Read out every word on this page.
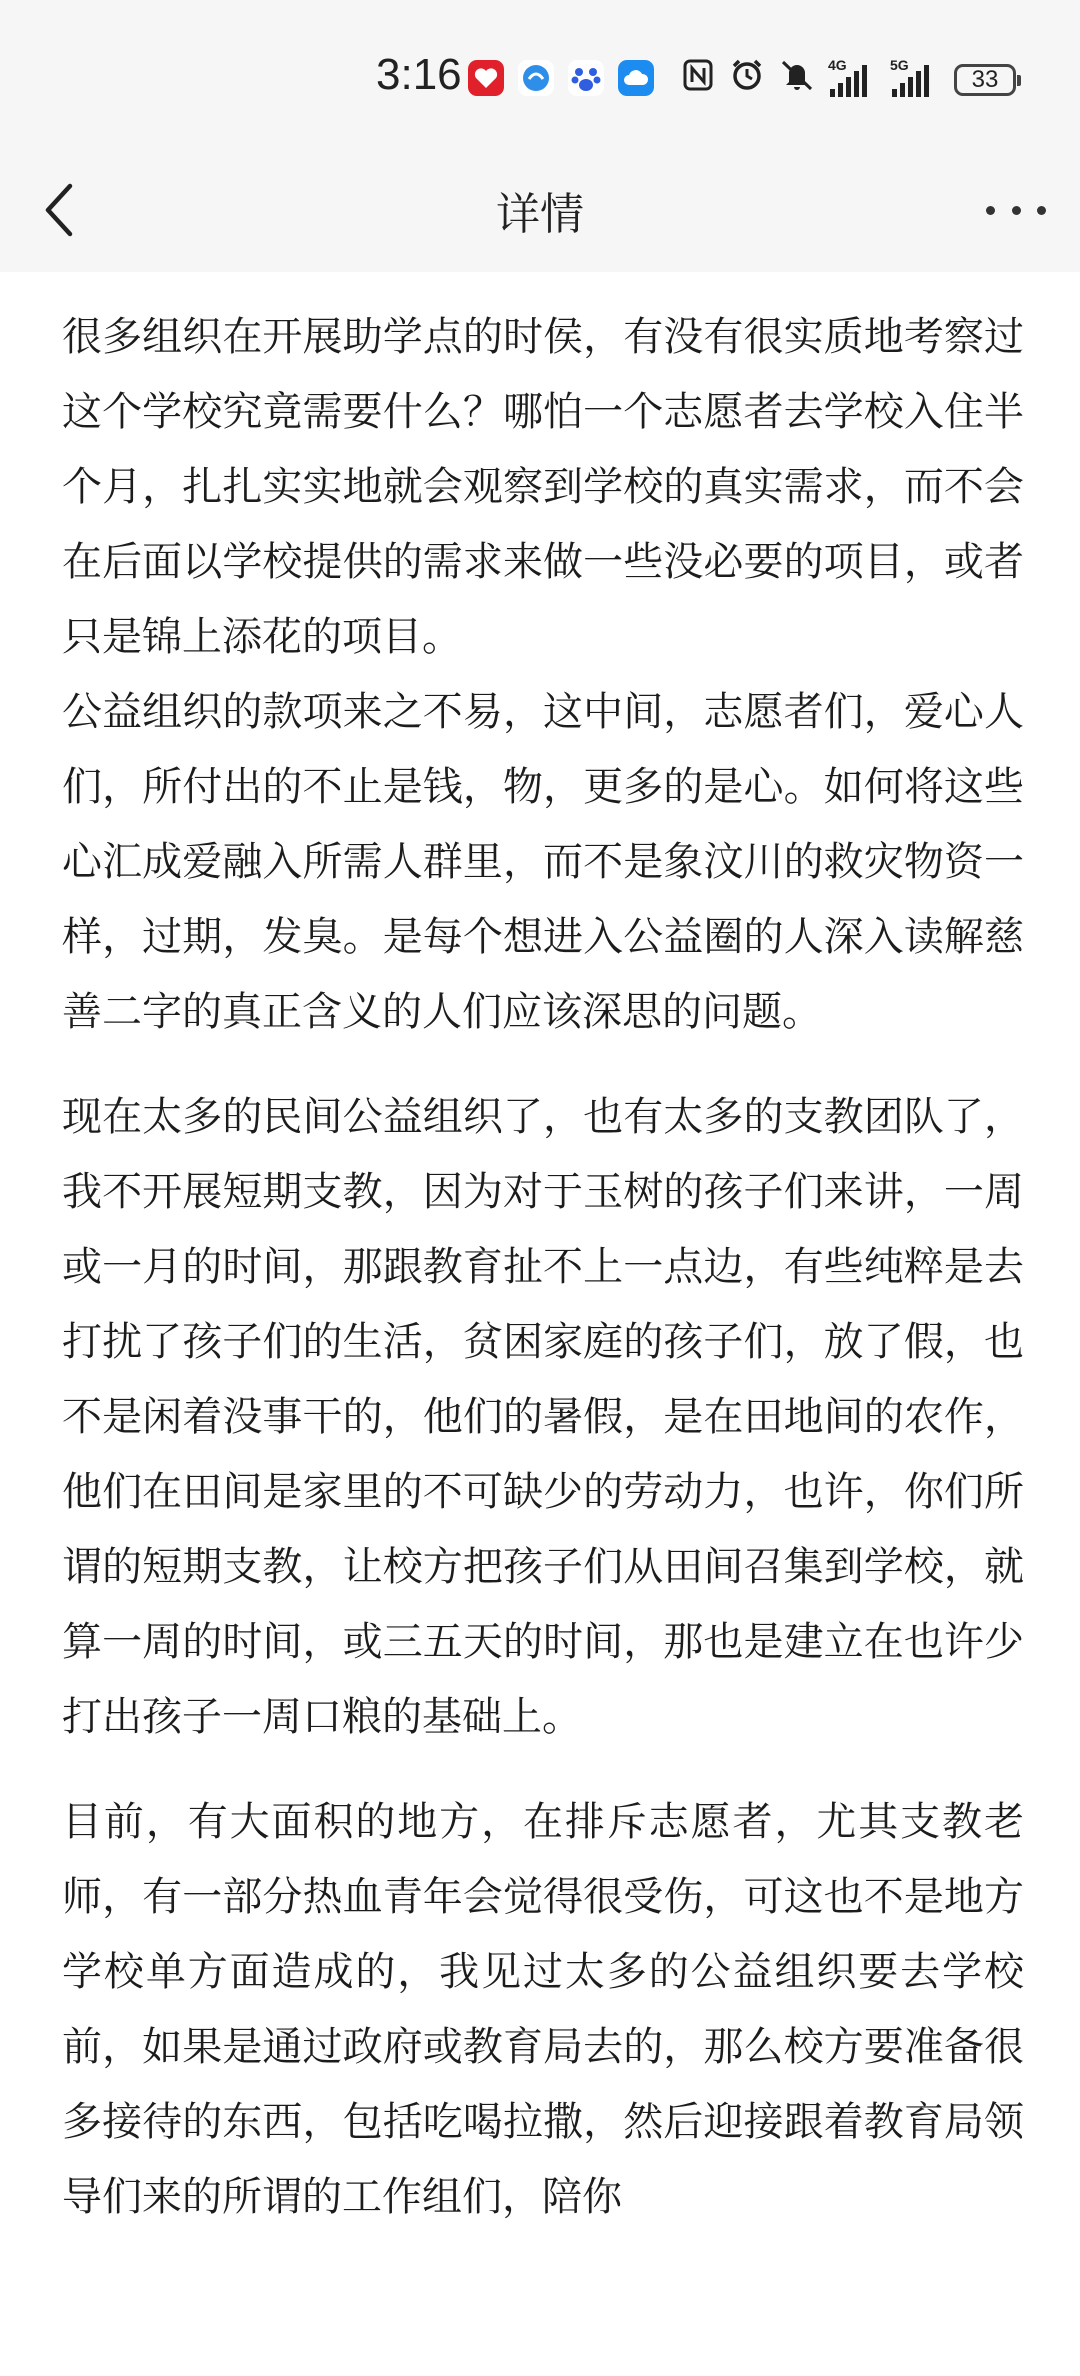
3:16	4G	5G
33
详情

很多组织在开展助学点的时侯，有没有很实质地考察过这个学校究竟需要什么？哪怕一个志愿者去学校入住半个月，扎扎实实地就会观察到学校的真实需求，而不会在后面以学校提供的需求来做一些没必要的项目，或者只是锦上添花的项目。

公益组织的款项来之不易，这中间，志愿者们，爱心人们，所付出的不止是钱，物，更多的是心。如何将这些心汇成爱融入所需人群里，而不是象汶川的救灾物资一样，过期，发臭。是每个想进入公益圈的人深入读解慈善二字的真正含义的人们应该深思的问题。

现在太多的民间公益组织了，也有太多的支教团队了，我不开展短期支教，因为对于玉树的孩子们来讲，一周或一月的时间，那跟教育扯不上一点边，有些纯粹是去打扰了孩子们的生活，贫困家庭的孩子们，放了假，也不是闲着没事干的，他们的暑假，是在田地间的农作，他们在田间是家里的不可缺少的劳动力，也许，你们所谓的短期支教，让校方把孩子们从田间召集到学校，就算一周的时间，或三五天的时间，那也是建立在也许少打出孩子一周口粮的基础上。

目前，有大面积的地方，在排斥志愿者，尤其支教老师，有一部分热血青年会觉得很受伤，可这也不是地方学校单方面造成的，我见过太多的公益组织要去学校前，如果是通过政府或教育局去的，那么校方要准备很多接待的东西，包括吃喝拉撒，然后迎接跟着教育局领导们来的所谓的工作组们，陪你
